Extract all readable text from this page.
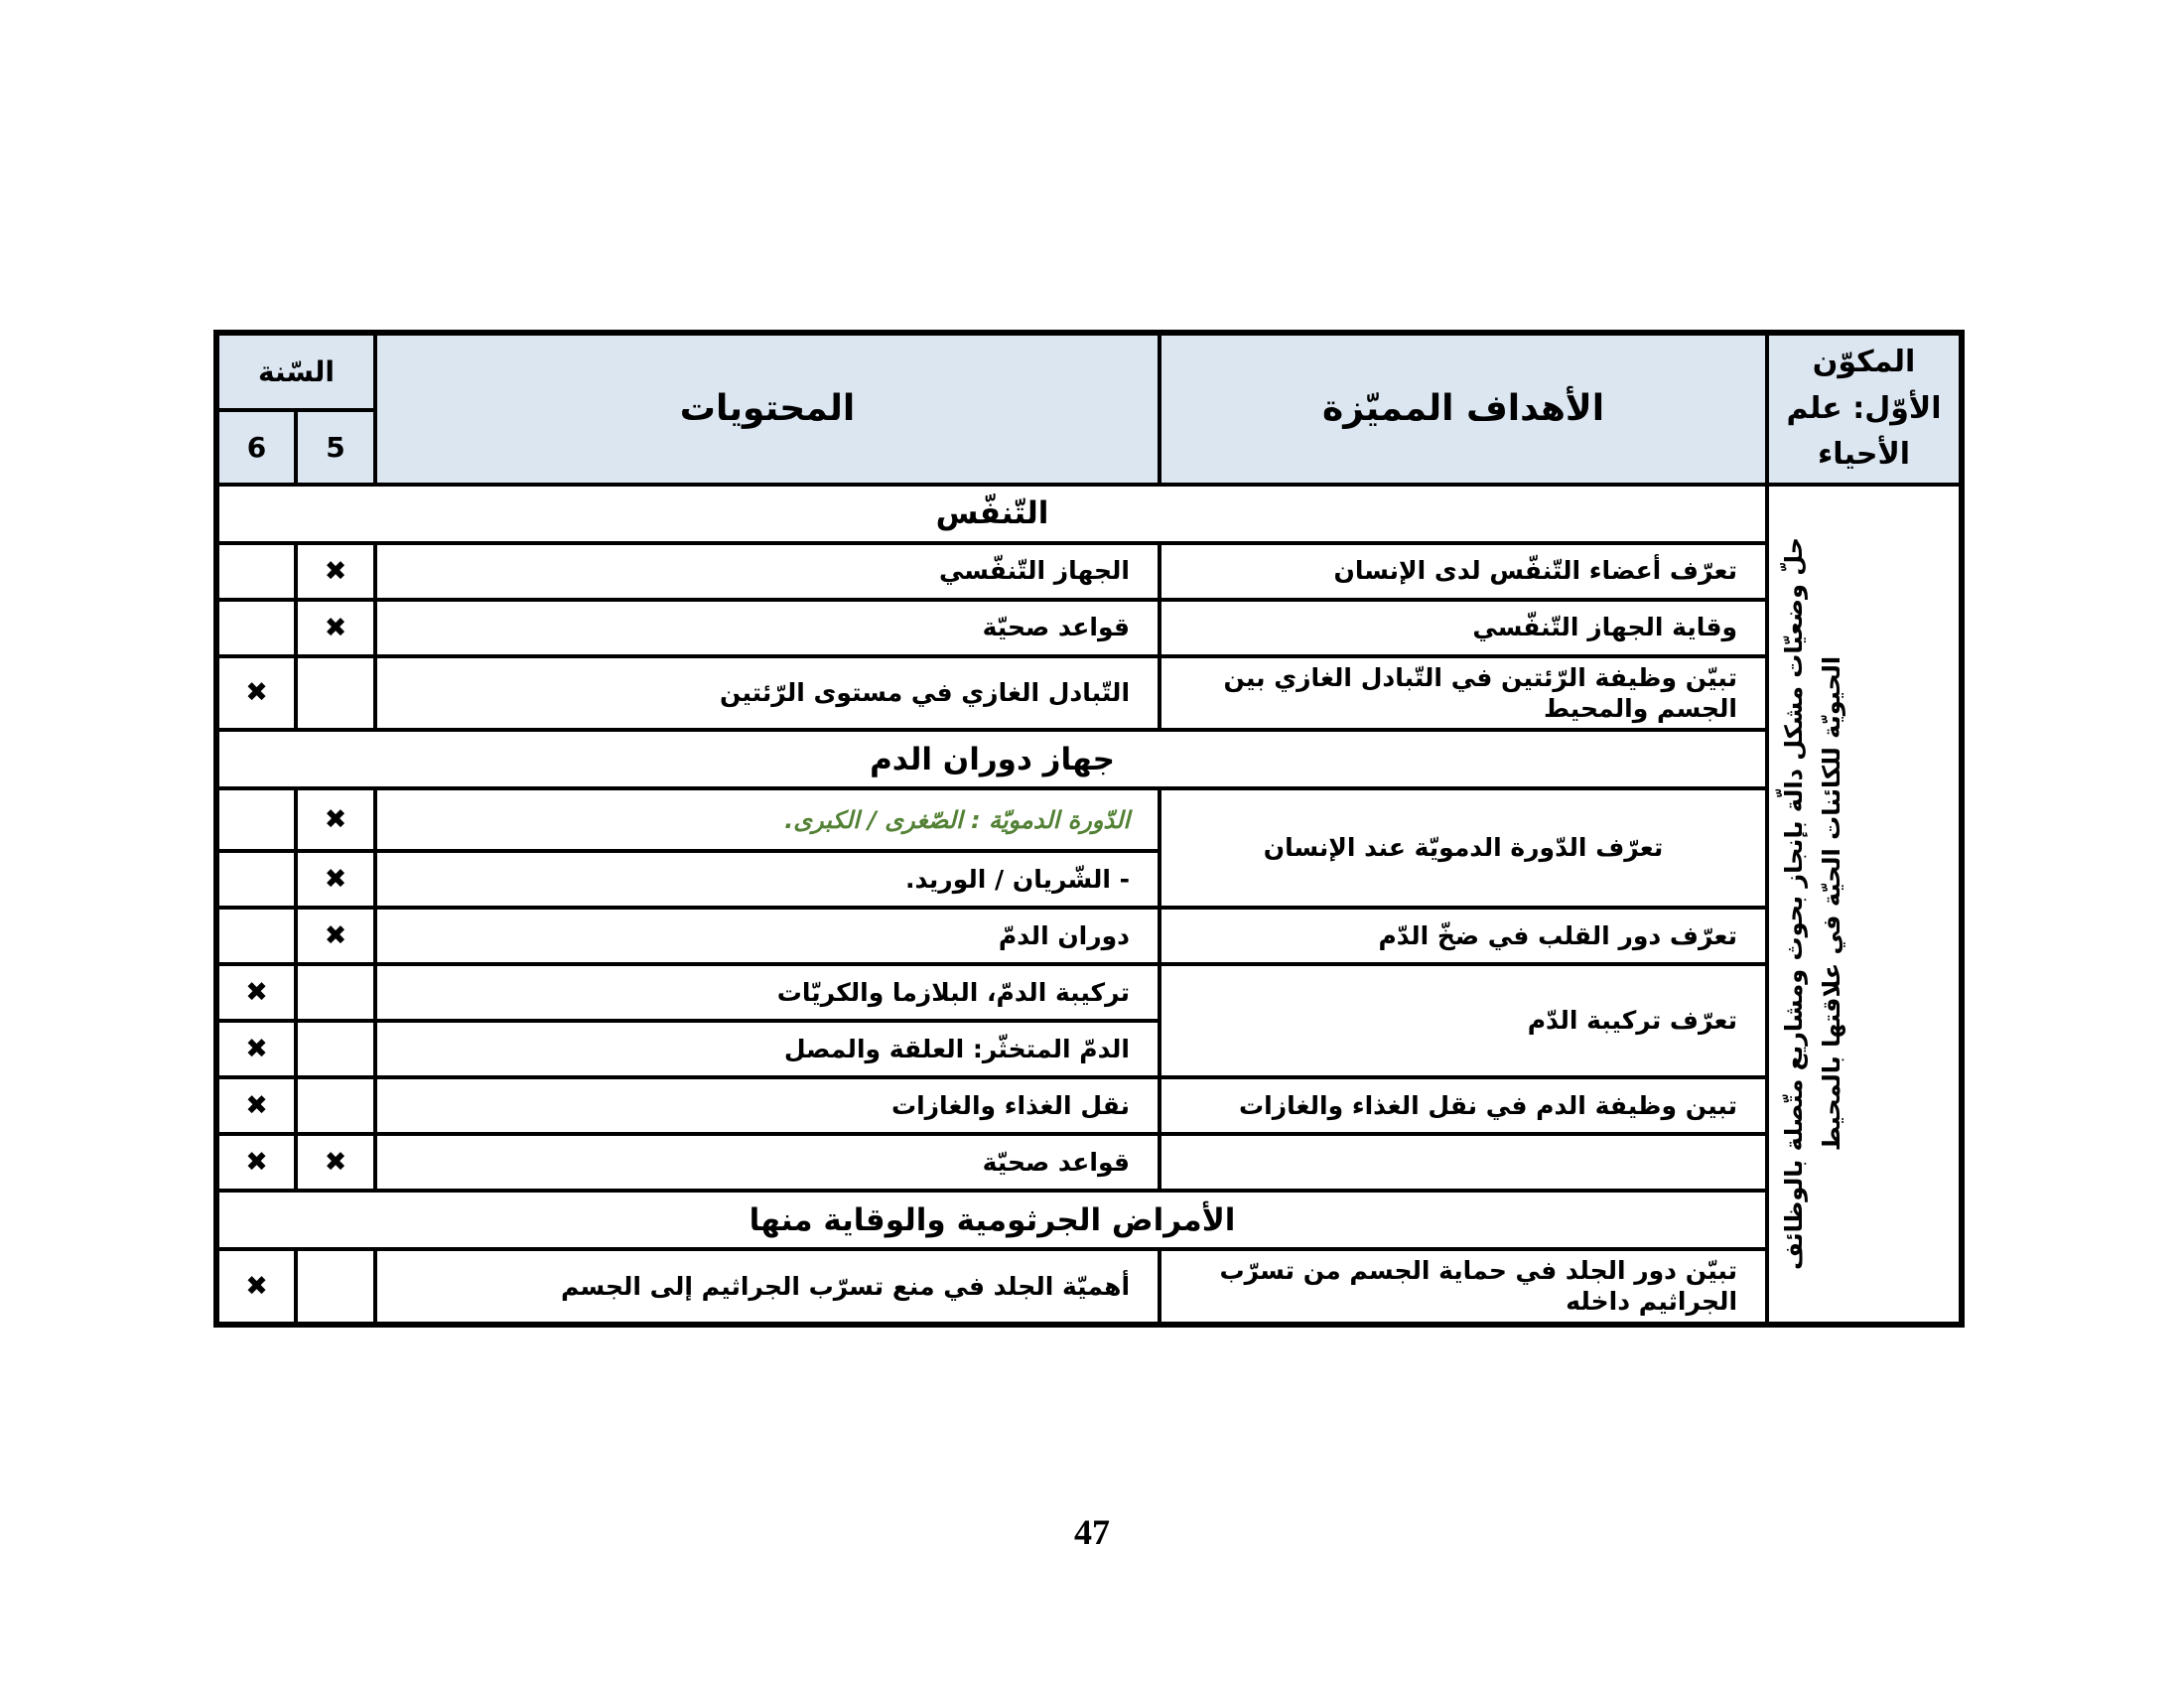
المكوّن الأوّل: علم الأحياء	الأهداف المميّزة	المحتويات	السّنة	
			5	6

حلّ وضعيّات مشكل دالّة بإنجاز بحوث ومشاريع متّصلة بالوظائف الحيويّة للكائنات الحيّة في علاقتها بالمحيط	التّنفّس			
	تعرّف أعضاء التّنفّس لدى الإنسان	الجهاز التّنفّسي	✖	
	وقاية الجهاز التّنفّسي	قواعد صحيّة	✖	
	تبيّن وظيفة الرّئتين في التّبادل الغازي بين الجسم والمحيط	التّبادل الغازي في مستوى الرّئتين		✖
	جهاز دوران الدم			
	تعرّف الدّورة الدمويّة عند الإنسان	الدّورة الدمويّة : الصّغرى / الكبرى.	✖	
		- الشّريان / الوريد.	✖	
	تعرّف دور القلب في ضخّ الدّم	دوران الدمّ	✖	
	تعرّف تركيبة الدّم	تركيبة الدمّ، البلازما والكريّات		✖
		الدمّ المتخثّر: العلقة والمصل		✖
	تبين وظيفة الدم في نقل الغذاء والغازات	نقل الغذاء والغازات		✖
		قواعد صحيّة	✖	✖
	الأمراض الجرثومية والوقاية منها			
	تبيّن دور الجلد في حماية الجسم من تسرّب الجراثيم داخله	أهميّة الجلد في منع تسرّب الجراثيم إلى الجسم		✖
47
